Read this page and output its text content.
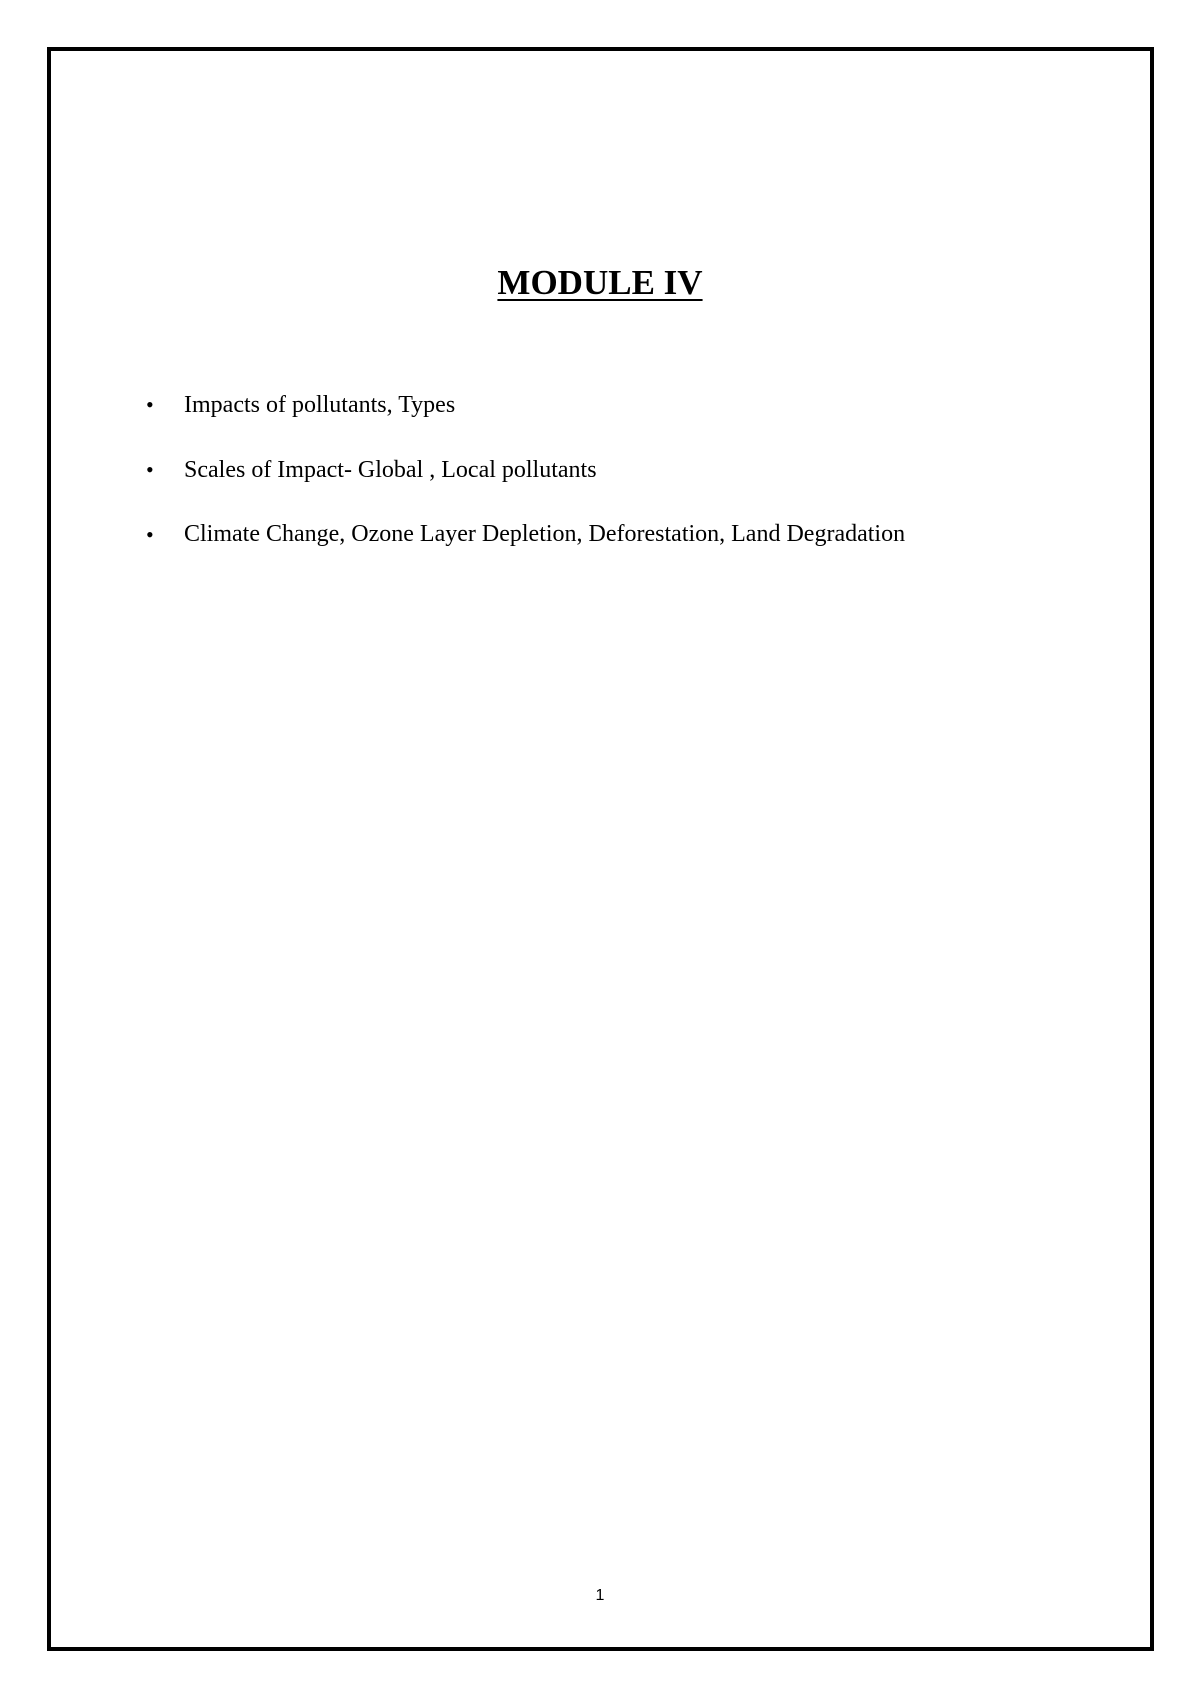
MODULE IV
• Impacts of pollutants, Types
• Scales of Impact- Global , Local pollutants
• Climate Change, Ozone Layer Depletion, Deforestation, Land Degradation
1
